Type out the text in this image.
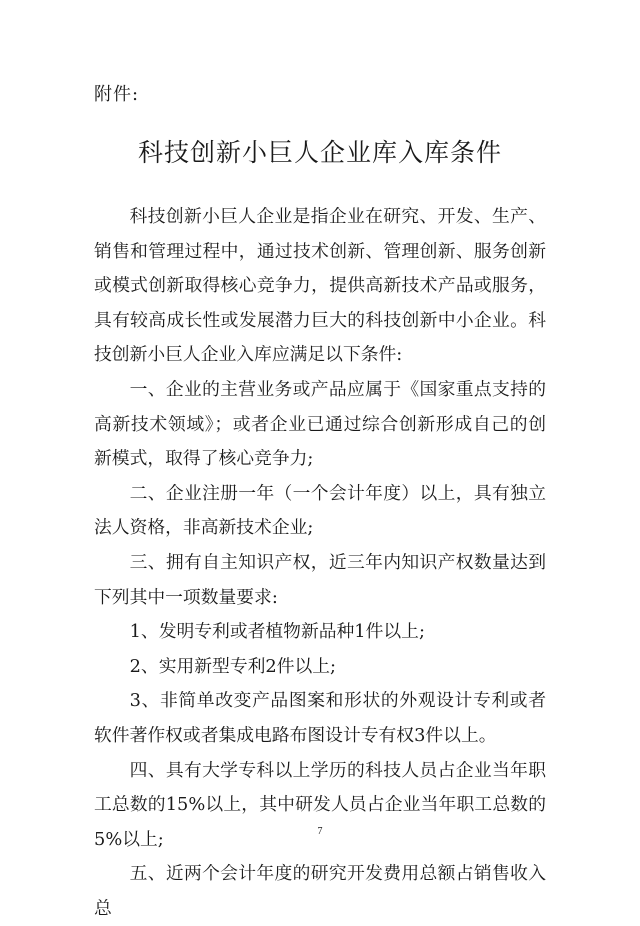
附件:
科技创新小巨人企业库入库条件

科技创新小巨人企业是指企业在研究、开发、生产、销售和管理过程中，通过技术创新、管理创新、服务创新或模式创新取得核心竞争力，提供高新技术产品或服务，具有较高成长性或发展潜力巨大的科技创新中小企业。科技创新小巨人企业入库应满足以下条件:

一、企业的主营业务或产品应属于《国家重点支持的高新技术领域》；或者企业已通过综合创新形成自己的创新模式，取得了核心竞争力;

二、企业注册一年（一个会计年度）以上，具有独立法人资格，非高新技术企业;

三、拥有自主知识产权，近三年内知识产权数量达到下列其中一项数量要求:

1、发明专利或者植物新品种1件以上;

2、实用新型专利2件以上;

3、非简单改变产品图案和形状的外观设计专利或者软件著作权或者集成电路布图设计专有权3件以上。

四、具有大学专科以上学历的科技人员占企业当年职工总数的15%以上，其中研发人员占企业当年职工总数的5%以上;

五、近两个会计年度的研究开发费用总额占销售收入总

7
